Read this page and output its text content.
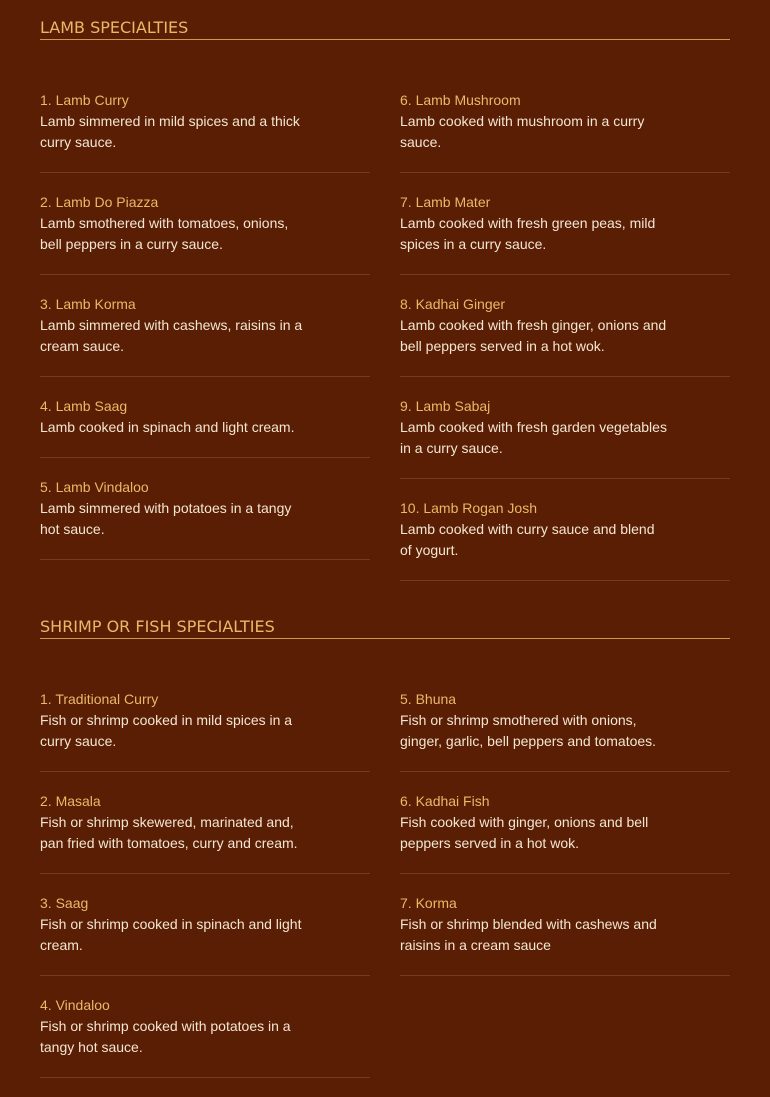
LAMB SPECIALTIES
1. Lamb Curry
Lamb simmered in mild spices and a thick curry sauce.
2. Lamb Do Piazza
Lamb smothered with tomatoes, onions, bell peppers in a curry sauce.
3. Lamb Korma
Lamb simmered with cashews, raisins in a cream sauce.
4. Lamb Saag
Lamb cooked in spinach and light cream.
5. Lamb Vindaloo
Lamb simmered with potatoes in a tangy hot sauce.
6. Lamb Mushroom
Lamb cooked with mushroom in a curry sauce.
7. Lamb Mater
Lamb cooked with fresh green peas, mild spices in a curry sauce.
8. Kadhai Ginger
Lamb cooked with fresh ginger, onions and bell peppers served in a hot wok.
9. Lamb Sabaj
Lamb cooked with fresh garden vegetables in a curry sauce.
10. Lamb Rogan Josh
Lamb cooked with curry sauce and blend of yogurt.
SHRIMP OR FISH SPECIALTIES
1. Traditional Curry
Fish or shrimp cooked in mild spices in a curry sauce.
2. Masala
Fish or shrimp skewered, marinated and, pan fried with tomatoes, curry and cream.
3. Saag
Fish or shrimp cooked in spinach and light cream.
4. Vindaloo
Fish or shrimp cooked with potatoes in a tangy hot sauce.
5. Bhuna
Fish or shrimp smothered with onions, ginger, garlic, bell peppers and tomatoes.
6. Kadhai Fish
Fish cooked with ginger, onions and bell peppers served in a hot wok.
7. Korma
Fish or shrimp blended with cashews and raisins in a cream sauce
